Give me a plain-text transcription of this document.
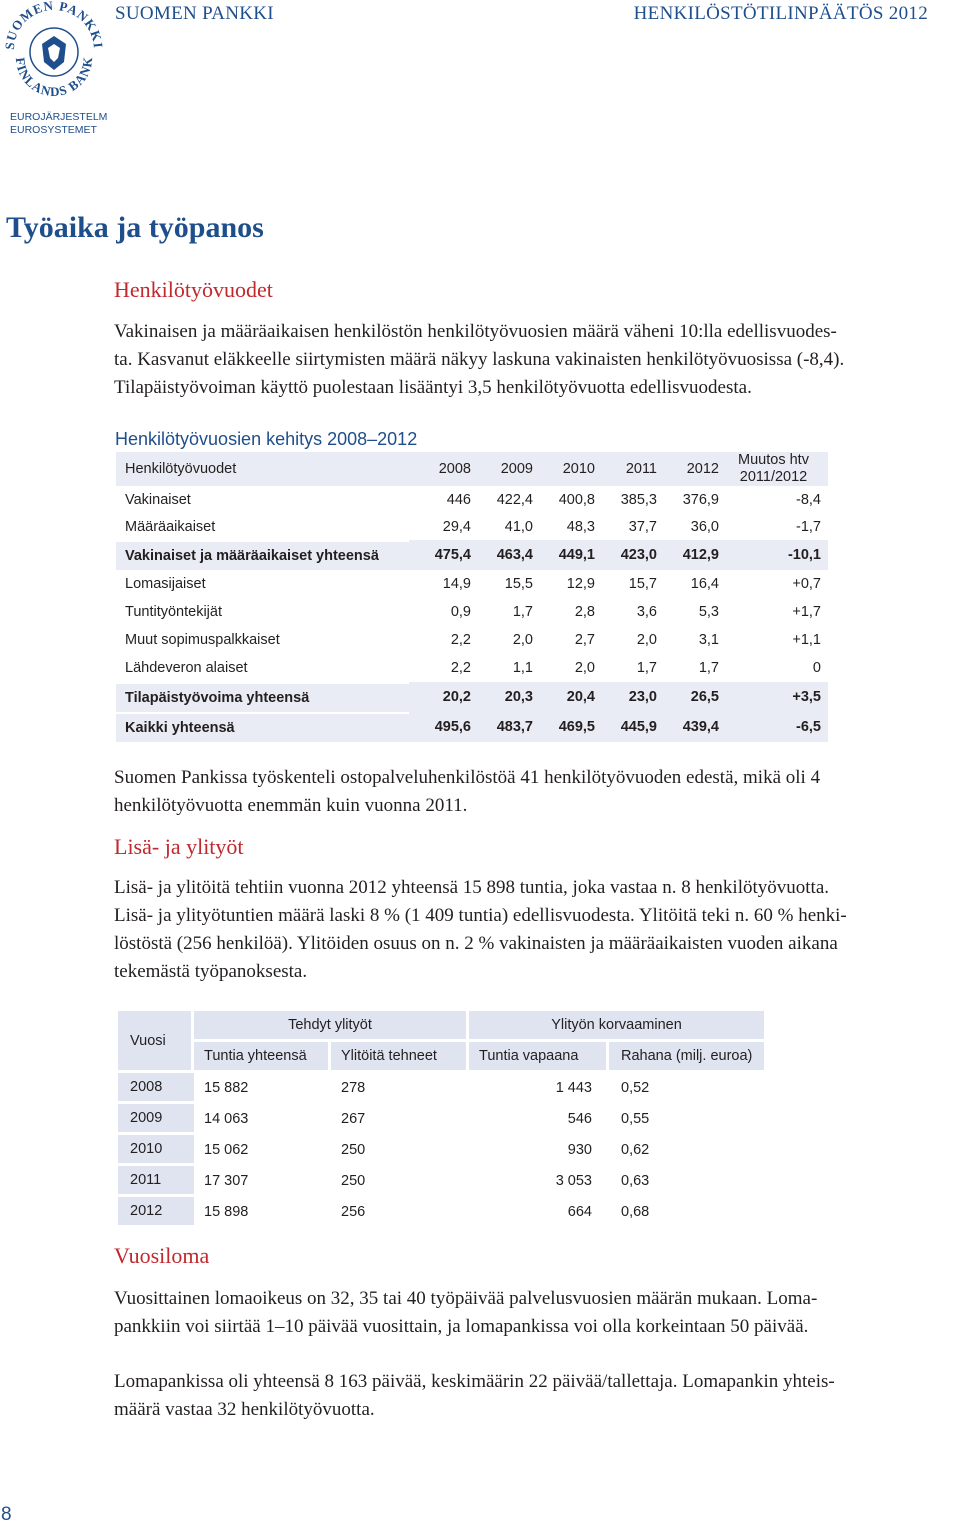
SUOMEN PANKKI
FINLANDS BANK
EUROJÄRJESTELMÄ
EUROSYSTEMET
SUOMEN PANKKI	HENKILÖSTÖTILINPÄÄTÖS 2012
Työaika ja työpanos
Henkilötyövuodet

Vakinaisen ja määräaikaisen henkilöstön henkilötyövuosien määrä väheni 10:lla edellisvuodes-

ta. Kasvanut eläkkeelle siirtymisten määrä näkyy laskuna vakinaisten henkilötyövuosissa (-8,4).

Tilapäistyövoiman käyttö puolestaan lisääntyi 3,5 henkilötyövuotta edellisvuodesta.

Henkilötyövuosien kehitys 2008–2012
Henkilötyövuodet	2008	2009	2010	2011	2012	Muutos htv
2011/2012
Vakinaiset	446	422,4	400,8	385,3	376,9	-8,4
Määräaikaiset	29,4	41,0	48,3	37,7	36,0	-1,7
Vakinaiset ja määräaikaiset yhteensä	475,4	463,4	449,1	423,0	412,9	-10,1
Lomasijaiset	14,9	15,5	12,9	15,7	16,4	+0,7
Tuntityöntekijät	0,9	1,7	2,8	3,6	5,3	+1,7
Muut sopimuspalkkaiset	2,2	2,0	2,7	2,0	3,1	+1,1
Lähdeveron alaiset	2,2	1,1	2,0	1,7	1,7	0
Tilapäistyövoima yhteensä	20,2	20,3	20,4	23,0	26,5	+3,5
Kaikki yhteensä	495,6	483,7	469,5	445,9	439,4	-6,5

Suomen Pankissa työskenteli ostopalveluhenkilöstöä 41 henkilötyövuoden edestä, mikä oli 4

henkilötyövuotta enemmän kuin vuonna 2011.

Lisä- ja ylityöt

Lisä- ja ylitöitä tehtiin vuonna 2012 yhteensä 15 898 tuntia, joka vastaa n. 8 henkilötyövuotta.

Lisä- ja ylityötuntien määrä laski 8 % (1 409 tuntia) edellisvuodesta. Ylitöitä teki n. 60 % henki-

löstöstä (256 henkilöä). Ylitöiden osuus on n. 2 % vakinaisten ja määräaikaisten vuoden aikana

tekemästä työpanoksesta.

Vuosi	Tehdyt ylityöt		Ylityön korvaaminen	
	Tuntia yhteensä	Ylitöitä tehneet	Tuntia vapaana	Rahana (milj. euroa)
2008	15 882	278	1 443	0,52
2009	14 063	267	546	0,55
2010	15 062	250	930	0,62
2011	17 307	250	3 053	0,63
2012	15 898	256	664	0,68
Vuosiloma

Vuosittainen lomaoikeus on 32, 35 tai 40 työpäivää palvelusvuosien määrän mukaan. Loma-

pankkiin voi siirtää 1–10 päivää vuosittain, ja lomapankissa voi olla korkeintaan 50 päivää.

Lomapankissa oli yhteensä 8 163 päivää, keskimäärin 22 päivää/tallettaja. Lomapankin yhteis-

määrä vastaa 32 henkilötyövuotta.

8
